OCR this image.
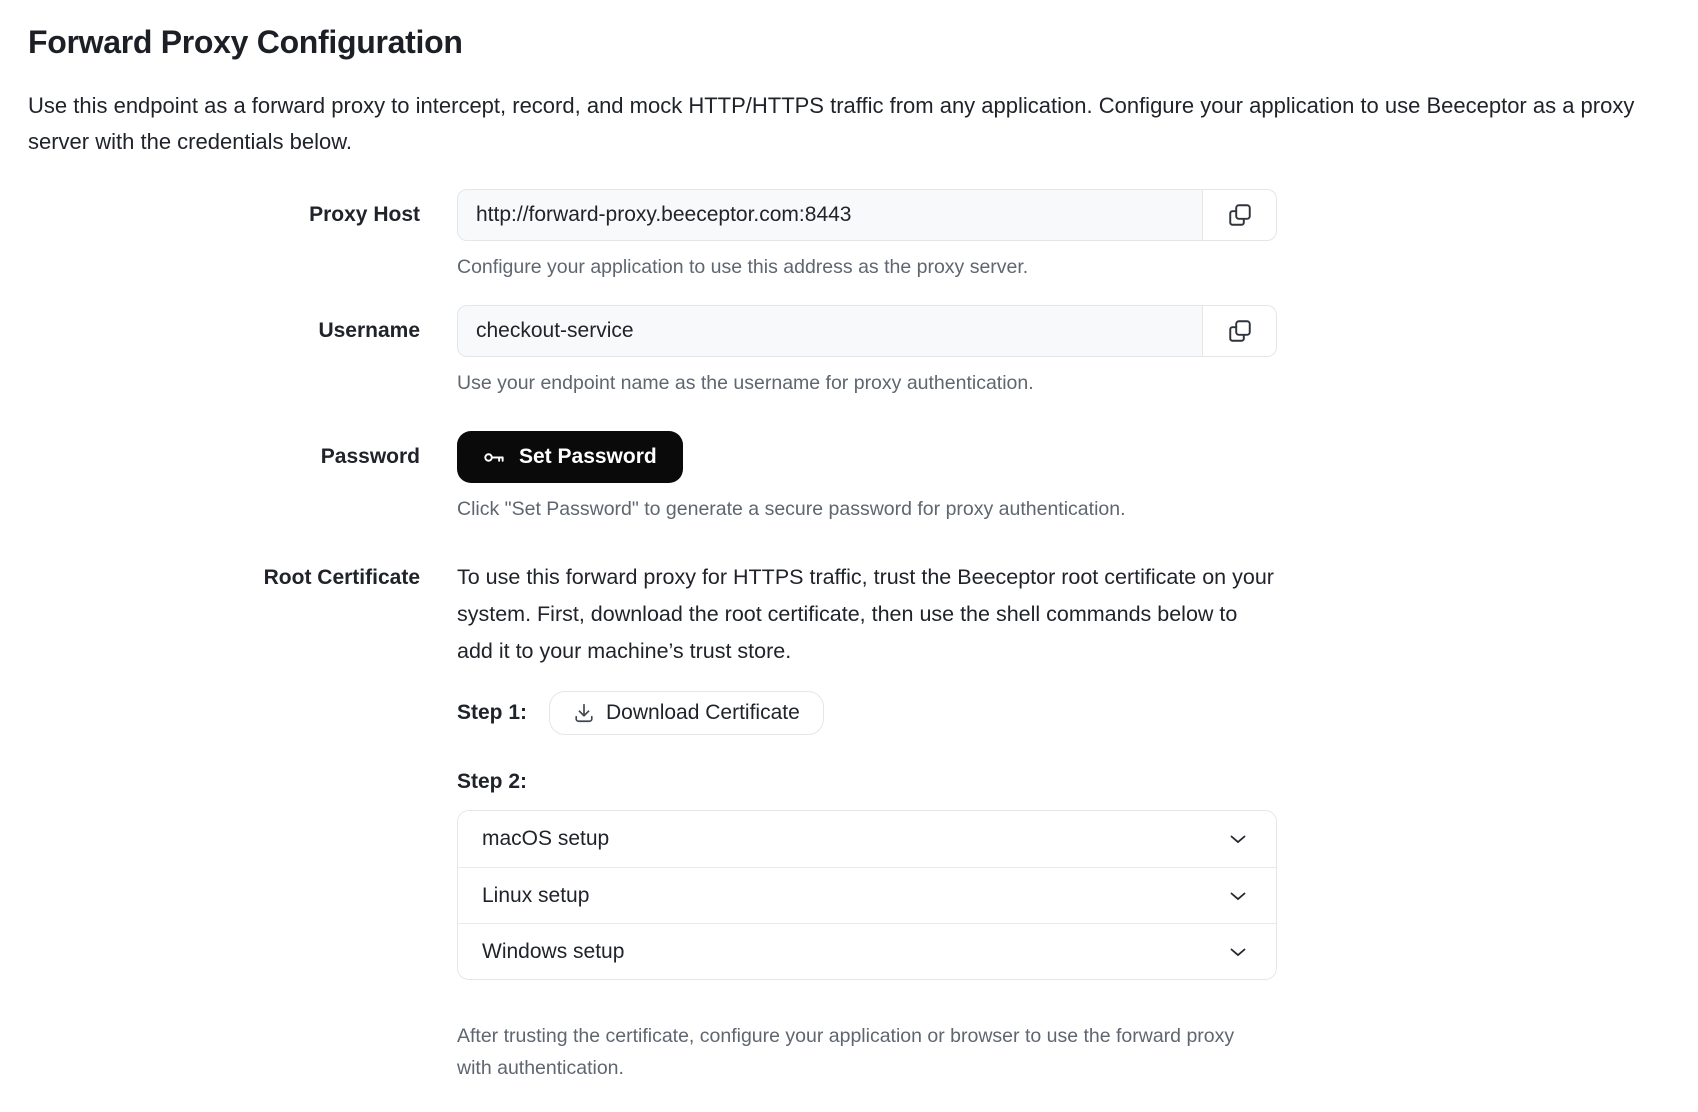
Forward Proxy Configuration

Use this endpoint as a forward proxy to intercept, record, and mock HTTP/HTTPS traffic from any application. Configure your application to use Beeceptor as a proxy server with the credentials below.

Proxy Host
http://forward-proxy.beeceptor.com:8443
Configure your application to use this address as the proxy server.
Username
checkout-service
Use your endpoint name as the username for proxy authentication.
Password	Set Password
Click "Set Password" to generate a secure password for proxy authentication.
Root Certificate To use this forward proxy for HTTPS traffic, trust the Beeceptor root certificate on your system. First, download the root certificate, then use the shell commands below to add it to your machine’s trust store.

Step 1:	Download Certificate
Step 2:
macOS setup
Linux setup
Windows setup
After trusting the certificate, configure your application or browser to use the forward proxy with authentication.
